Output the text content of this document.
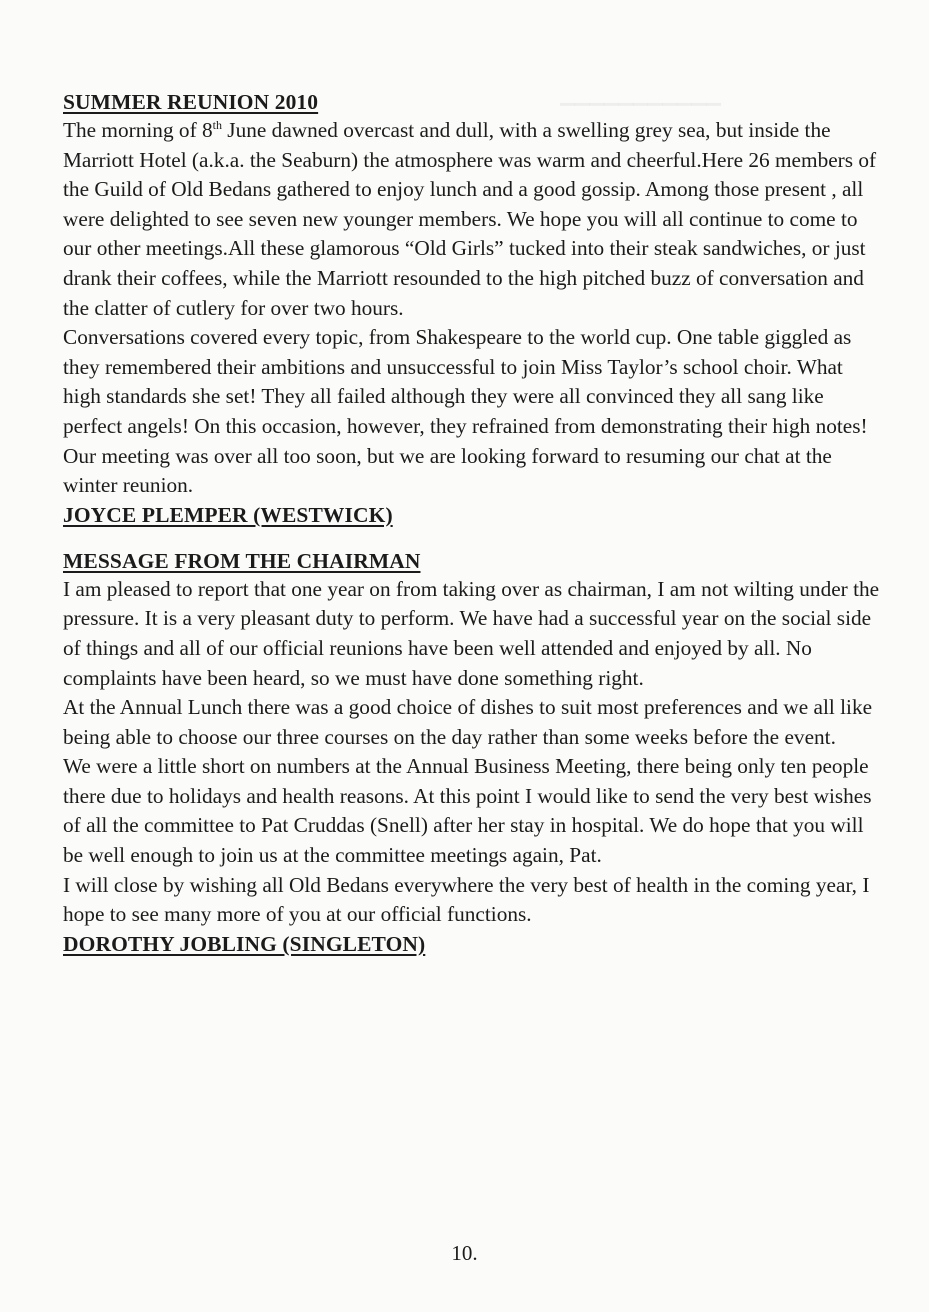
▁▁▁▁▁▁▁▁▁▁▁
SUMMER REUNION 2010

The morning of 8th June dawned overcast and dull, with a swelling grey sea, but inside the Marriott Hotel (a.k.a. the Seaburn) the atmosphere was warm and cheerful.Here 26 members of the Guild of Old Bedans gathered to enjoy lunch and a good gossip. Among those present , all were delighted to see seven new younger members. We hope you will all continue to come to our other meetings.All these glamorous “Old Girls” tucked into their steak sandwiches, or just drank their coffees, while the Marriott resounded to the high pitched buzz of conversation and the clatter of cutlery for over two hours.

Conversations covered every topic, from Shakespeare to the world cup. One table giggled as they remembered their ambitions and unsuccessful to join Miss Taylor’s school choir. What high standards she set! They all failed although they were all convinced they all sang like perfect angels! On this occasion, however, they refrained from demonstrating their high notes!

Our meeting was over all too soon, but we are looking forward to resuming our chat at the winter reunion.

JOYCE PLEMPER (WESTWICK)
MESSAGE FROM THE CHAIRMAN

I am pleased to report that one year on from taking over as chairman, I am not wilting under the pressure. It is a very pleasant duty to perform. We have had a successful year on the social side of things and all of our official reunions have been well attended and enjoyed by all. No complaints have been heard, so we must have done something right.

At the Annual Lunch there was a good choice of dishes to suit most preferences and we all like being able to choose our three courses on the day rather than some weeks before the event.

We were a little short on numbers at the Annual Business Meeting, there being only ten people there due to holidays and health reasons. At this point I would like to send the very best wishes of all the committee to Pat Cruddas (Snell) after her stay in hospital. We do hope that you will be well enough to join us at the committee meetings again, Pat.

I will close by wishing all Old Bedans everywhere the very best of health in the coming year, I hope to see many more of you at our official functions.

DOROTHY JOBLING (SINGLETON)
10.
